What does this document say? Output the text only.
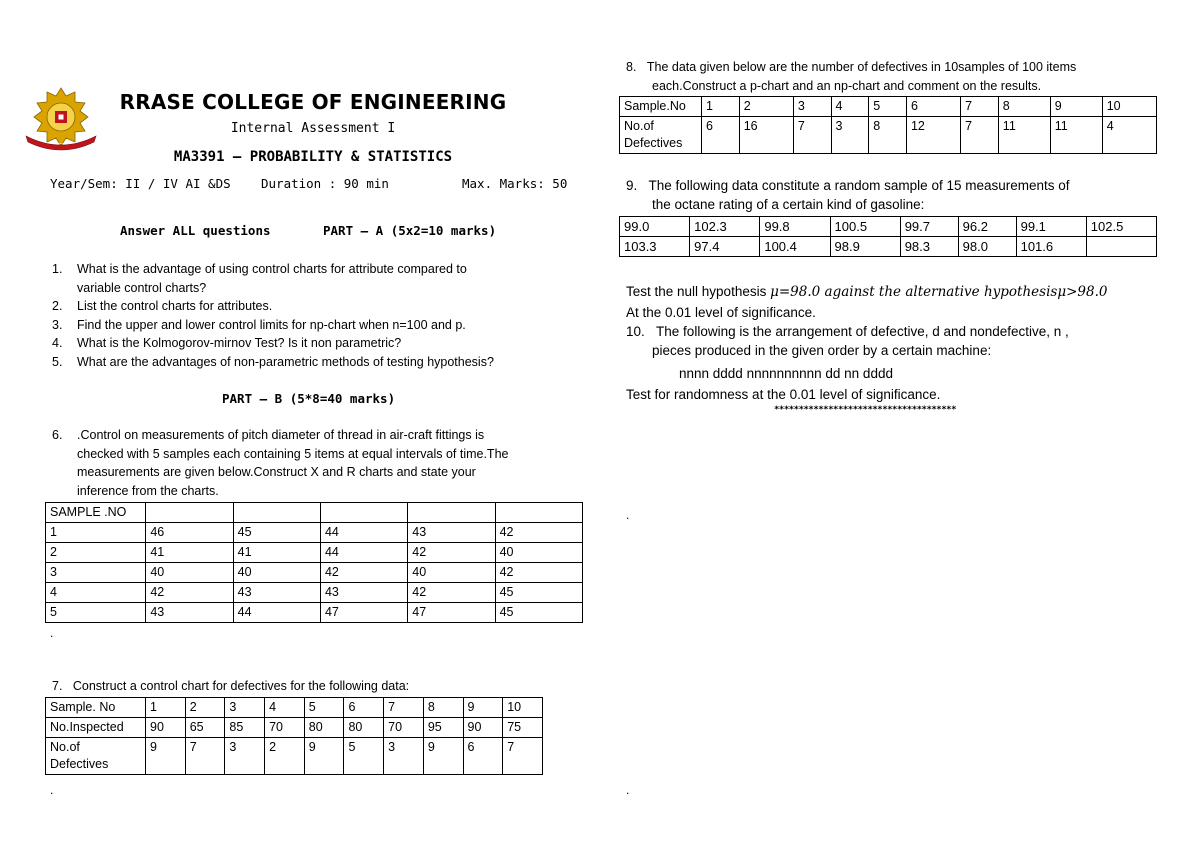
~~~~~~~~~~~~~~
RRASE COLLEGE OF ENGINEERING
Internal Assessment I
MA3391 – PROBABILITY & STATISTICS
Year/Sem: II / IV AI &DS Duration : 90 min	Max. Marks: 50
Answer ALL questions	PART – A (5x2=10 marks)
1. What is the advantage of using control charts for attribute compared to
variable control charts?
2. List the control charts for attributes.
3. Find the upper and lower control limits for np-chart when n=100 and p.
4. What is the Kolmogorov-mirnov Test? Is it non parametric?
5. What are the advantages of non-parametric methods of testing hypothesis?
PART – B (5*8=40 marks)
6. .Control on measurements of pitch diameter of thread in air-craft fittings is
checked with 5 samples each containing 5 items at equal intervals of time.The
measurements are given below.Construct X and R charts and state your
inference from the charts.
SAMPLE .NO					
1	46	45	44	43	42
2	41	41	44	42	40
3	40	40	42	40	42
4	42	43	43	42	45
5	43	44	47	47	45
.
7. Construct a control chart for defectives for the following data:
Sample. No	1	2	3	4	5	6	7	8	9	10
No.Inspected	90	65	85	70	80	80	70	95	90	75
No.of Defectives	9	7	3	2	9	5	3	9	6	7
.
8. The data given below are the number of defectives in 10samples of 100 items
each.Construct a p-chart and an np-chart and comment on the results.
Sample.No	1	2	3	4	5	6	7	8	9	10
No.of Defectives	6	16	7	3	8	12	7	11	11	4
9. The following data constitute a random sample of 15 measurements of
the octane rating of a certain kind of gasoline:
99.0	102.3	99.8	100.5	99.7	96.2	99.1	102.5
103.3	97.4	100.4	98.9	98.3	98.0	101.6	
Test the null hypothesis μ=98.0 against the alternative hypothesisμ>98.0
At the 0.01 level of significance.
10. The following is the arrangement of defective, d and nondefective, n ,
pieces produced in the given order by a certain machine:
nnnn dddd nnnnnnnnnn dd nn dddd
Test for randomness at the 0.01 level of significance.
*************************************
.
.
